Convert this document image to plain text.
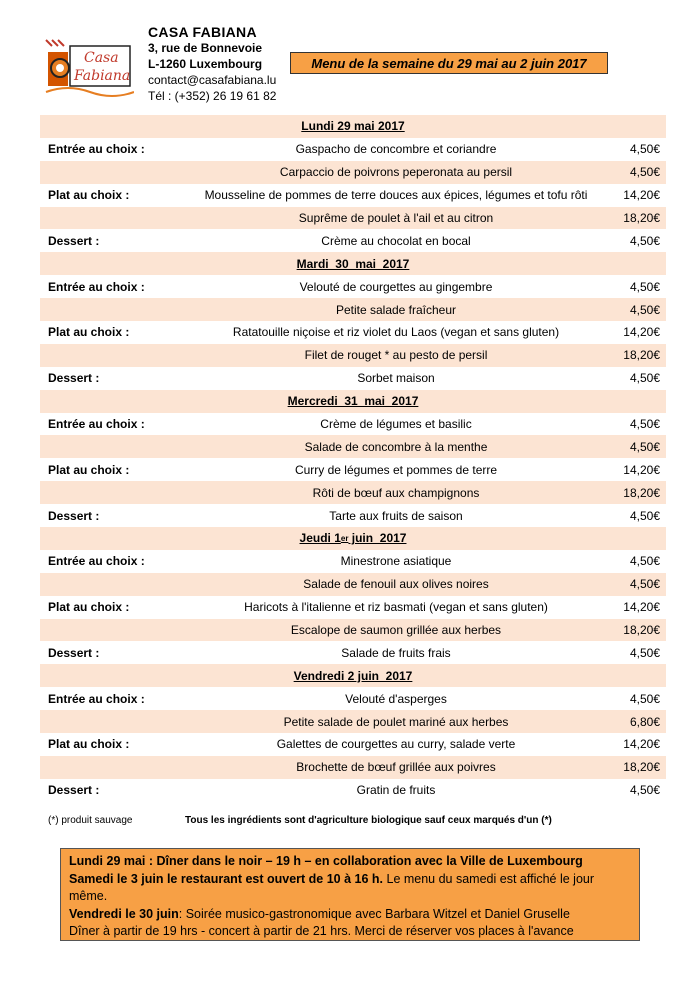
Casa
Fabiana
CASA FABIANA
3, rue de Bonnevoie
L-1260 Luxembourg
contact@casafabiana.lu
Tél : (+352) 26 19 61 82
Menu de la semaine du 29 mai au 2 juin 2017
Lundi 29 mai 2017
Entrée au choix :	Gaspacho de concombre et coriandre	4,50€
Carpaccio de poivrons peperonata au persil	4,50€
Plat au choix :	Mousseline de pommes de terre douces aux épices, légumes et tofu rôti	14,20€
Suprême de poulet à l'ail et au citron	18,20€
Dessert :	Crème au chocolat en bocal	4,50€
Mardi  30  mai  2017
Entrée au choix :	Velouté de courgettes au gingembre	4,50€
Petite salade fraîcheur	4,50€
Plat au choix :	Ratatouille niçoise et riz violet du Laos (vegan et sans gluten)	14,20€
Filet de rouget * au pesto de persil	18,20€
Dessert :	Sorbet maison	4,50€
Mercredi  31  mai  2017
Entrée au choix :	Crème de légumes et basilic	4,50€
Salade de concombre à la menthe	4,50€
Plat au choix :	Curry de légumes et pommes de terre	14,20€
Rôti de bœuf aux champignons	18,20€
Dessert :	Tarte aux fruits de saison	4,50€
Jeudi 1 er juin  2017
Entrée au choix :	Minestrone asiatique	4,50€
Salade de fenouil aux olives noires	4,50€
Plat au choix :	Haricots à l'italienne et riz basmati (vegan et sans gluten)	14,20€
Escalope de saumon grillée aux herbes	18,20€
Dessert :	Salade de fruits frais	4,50€
Vendredi 2 juin  2017
Entrée au choix :	Velouté d'asperges	4,50€
Petite salade de poulet mariné aux herbes	6,80€
Plat au choix :	Galettes de courgettes au curry, salade verte	14,20€
Brochette de bœuf grillée aux poivres	18,20€
Dessert :	Gratin de fruits	4,50€
(*) produit sauvage	Tous les ingrédients sont d'agriculture biologique sauf ceux marqués d'un (*)
Lundi 29 mai : Dîner dans le noir – 19 h – en collaboration avec la Ville de Luxembourg
Samedi le 3 juin le restaurant est ouvert de 10 à 16 h. Le menu du samedi est affiché le jour même.
Vendredi le 30 juin: Soirée musico-gastronomique avec Barbara Witzel et Daniel Gruselle
Dîner à partir de 19 hrs - concert à partir de 21 hrs. Merci de réserver vos places à l'avance
